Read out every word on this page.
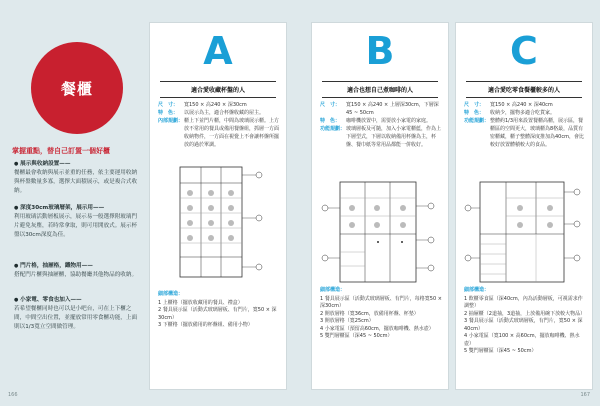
餐櫃
掌握重點，替自己訂置一個好櫃
● 展示與收納設置——
餐櫃最會收納與展示並重的任務，依主要運用收納與杯盤數量多寡，選擇大面積展示，或是複合式收納。
● 深度30cm玻璃層架，展示用——
利用玻璃活動層板展示，展示易一般選擇附玻璃門片避免灰塵，若時常拿取，則可用開放式。展示杯盤以30cm深度為佳。
● 門片格，抽屜格，鐵物用——
搭配門片櫃與抽屜櫃，協助餐廳其他物品的收納。
● 小家電、零食也加入——
若希望餐櫃同時也可以是小吧台，可在上下櫃之間，中間空出位置，並擺放常用零食櫃功能，上面則以1/3寬立空間做管理。
166
A
適合愛收藏杯盤的人
尺　寸：	寬150 × 高240 × 深30cm
特　色：	以展示為主，適合杯盤收藏的屋主。
內部規劃： 櫃上下並門片櫃，中間為玻璃展示櫃。上方放不常用的餐具或備用餐盤組，抓層一方面收納物件，一方面在視覺上不會讓杯盤所擺放的過於單調。
細部構造：
1 上櫃格（擺放收藏用的餐具、禮盒）
2 餐具展示區（活動式玻璃層板、有門片，寬50 × 深30cm）
3 下櫃格（擺放備用的杯盤組、備用小物）
B
適合也想自己煮咖啡的人
尺　寸：	寬150 × 高240 × 上層深30cm，下層深45 ~ 50cm
特　色：	咖啡機放置中，需要放小家電的家庭。
功能規劃： 玻璃層板及可隨，加入小家電櫃藍，作為上下層型式，下層以收納備用杯盤為主，杯盤、餐巾紙等常用品都能一併收好。
細部構造：
1 餐具展示區（活動式玻璃層板、有門片，每格寬50 × 深30cm）
2 開放層格（寬36cm，放備用杯盤、杯墊）
3 開放層格（寬25cm）
4 小家電區（預留高60cm，擺放咖啡機、熱水壺）
5 雙門層櫃區（深45 ~ 50cm）
C
適合愛吃零食餐櫃較多的人
尺　寸：	寬150 × 高240 × 深40cm
特　色：	收納少，擺物多適合吃貨家。
功能規劃： 整體約1/3用來設置餐櫃高櫃，展示區，餐櫃區的空間更大，玻璃櫃為8格最，品質有密櫃藏，櫃子整體深度推加為40cm，會比較好放置體積較大的食品。
細部構造：
1 飲櫃零食區（深40cm，內為活動層板，可視需求作調整）
2 抽屜櫃（2道抽，3道抽，上放備用碗下放較大物品）
3 餐具展示區（活動式玻璃層板，有門片，寬50 × 深40cm）
4 小家電區（寬100 × 高60cm，擺放咖啡機、熱水壺）
5 雙門層櫃區（深45 ~ 50cm）
167
